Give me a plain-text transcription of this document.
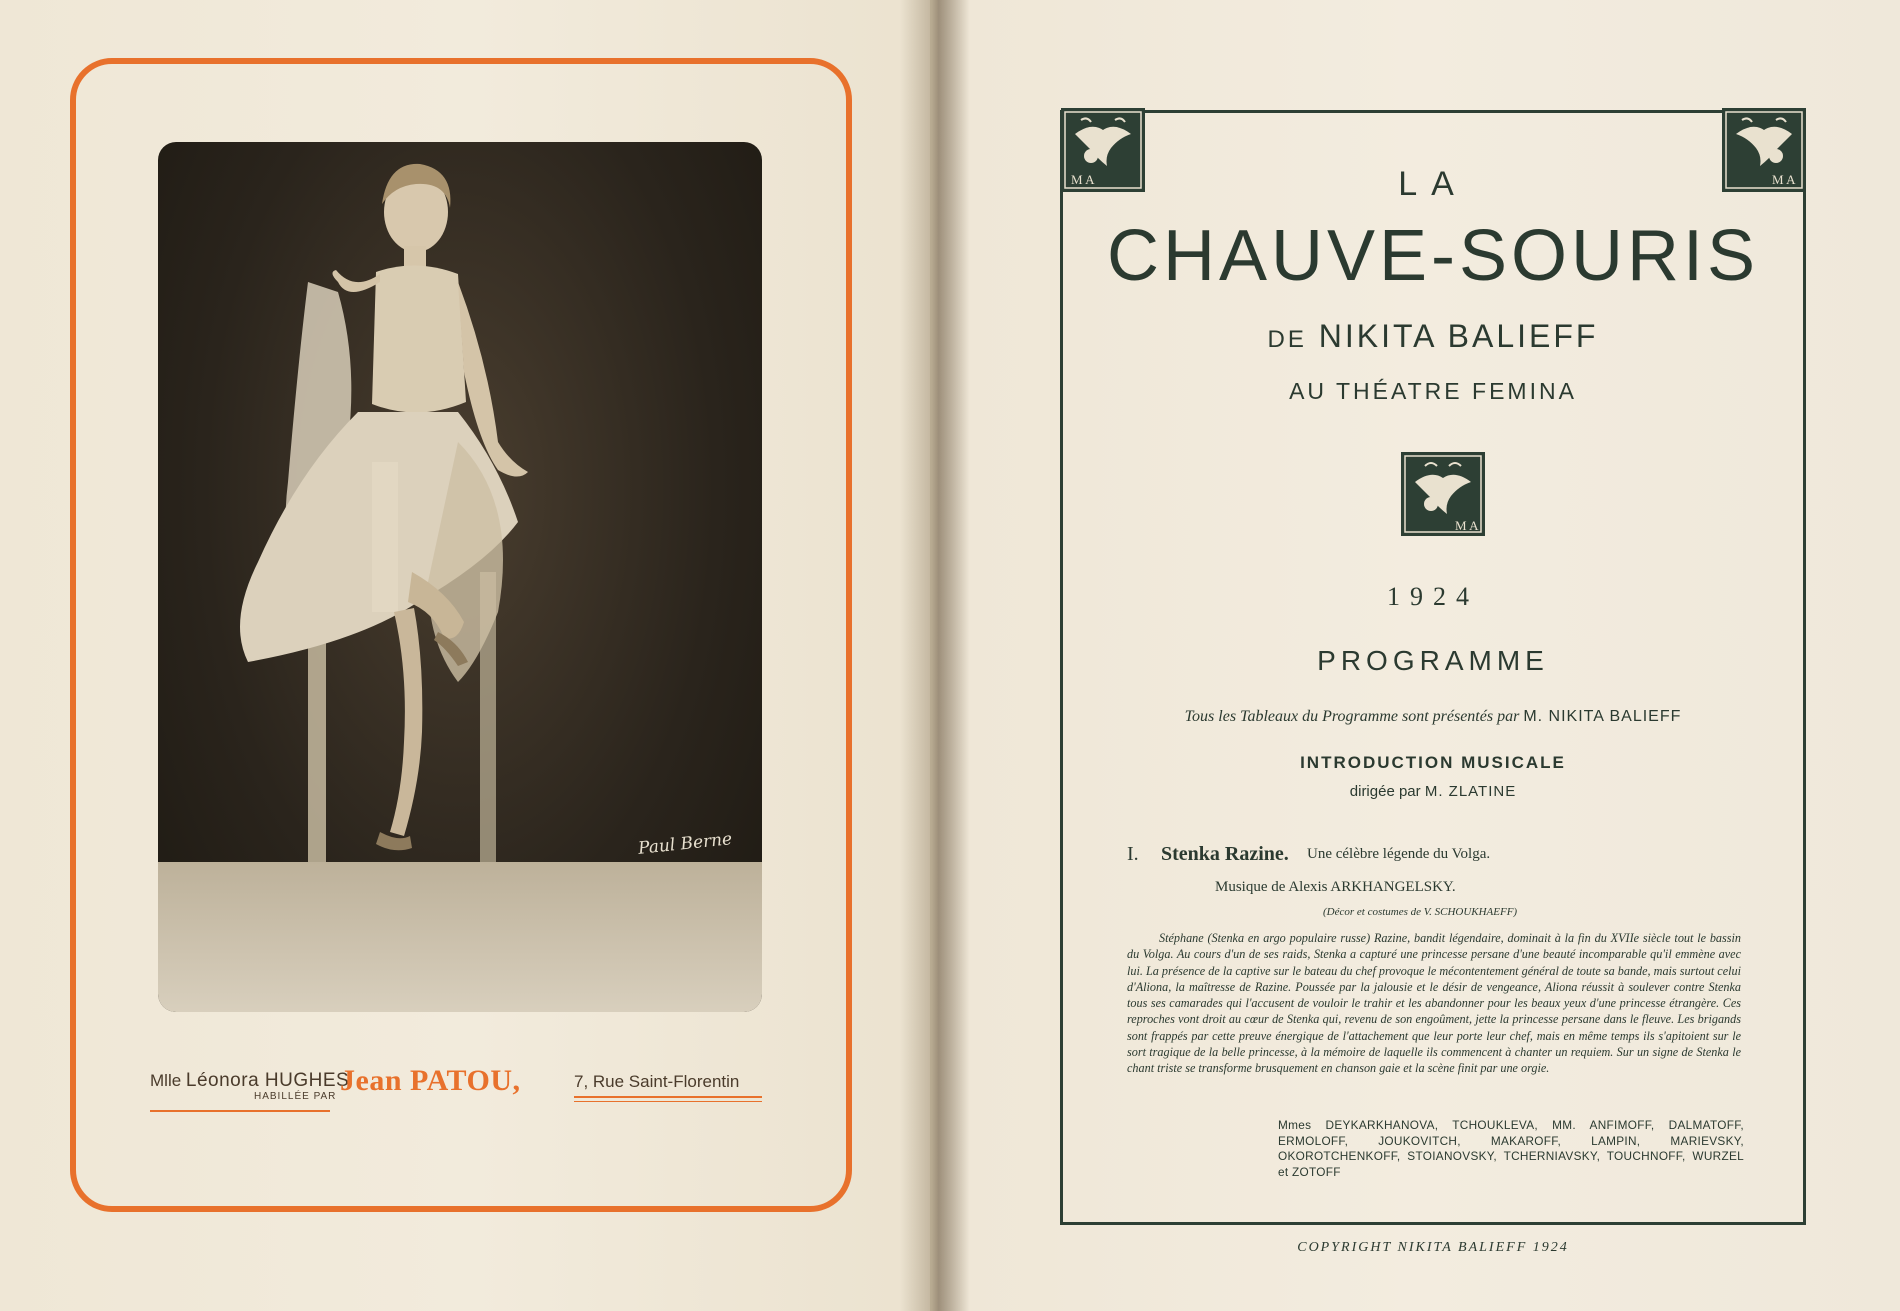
Paul Berne
Mlle Léonora HUGHES
HABILLÉE PAR Jean PATOU,	7, Rue Saint-Florentin
M A	M A
LA
CHAUVE-SOURIS
DE NIKITA BALIEFF
AU THÉATRE FEMINA
M A
1924
PROGRAMME
Tous les Tableaux du Programme sont présentés par M. NIKITA BALIEFF
INTRODUCTION MUSICALE
dirigée par M. ZLATINE
I. Stenka Razine. Une célèbre légende du Volga.
Musique de Alexis ARKHANGELSKY.
(Décor et costumes de V. SCHOUKHAEFF)

Stéphane (Stenka en argo populaire russe) Razine, bandit légendaire, dominait à la fin du XVIIe siècle tout le bassin du Volga. Au cours d'un de ses raids, Stenka a capturé une princesse persane d'une beauté incomparable qu'il emmène avec lui. La présence de la captive sur le bateau du chef provoque le mécontentement général de toute sa bande, mais surtout celui d'Aliona, la maîtresse de Razine. Poussée par la jalousie et le désir de vengeance, Aliona réussit à soulever contre Stenka tous ses camarades qui l'accusent de vouloir le trahir et les abandonner pour les beaux yeux d'une princesse étrangère. Ces reproches vont droit au cœur de Stenka qui, revenu de son engoûment, jette la princesse persane dans le fleuve. Les brigands sont frappés par cette preuve énergique de l'attachement que leur porte leur chef, mais en même temps ils s'apitoient sur le sort tragique de la belle princesse, à la mémoire de laquelle ils commencent à chanter un requiem. Sur un signe de Stenka le chant triste se transforme brusquement en chanson gaie et la scène finit par une orgie.

Mmes DEYKARKHANOVA, TCHOUKLEVA, MM. ANFIMOFF, DALMATOFF, ERMOLOFF, JOUKOVITCH, MAKAROFF, LAMPIN, MARIEVSKY, OKOROTCHENKOFF, STOIANOVSKY, TCHERNIAVSKY, TOUCHNOFF, WURZEL et ZOTOFF

COPYRIGHT NIKITA BALIEFF 1924
